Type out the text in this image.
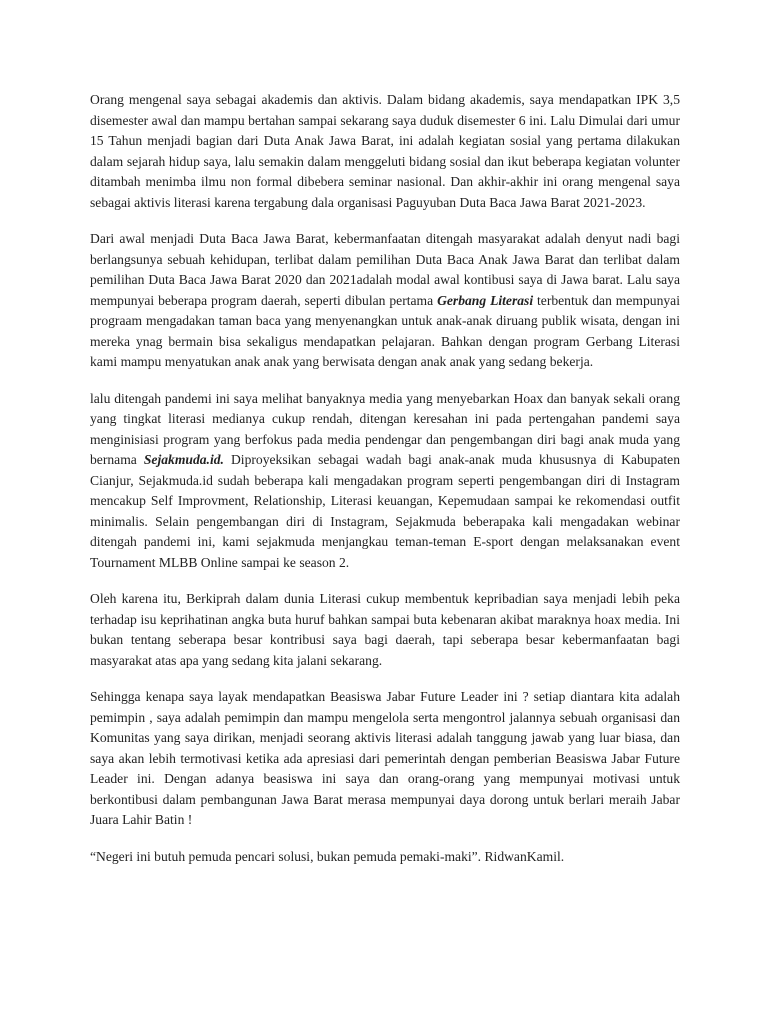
Orang mengenal saya sebagai akademis dan aktivis. Dalam bidang akademis, saya mendapatkan IPK 3,5 disemester awal dan mampu bertahan sampai sekarang saya duduk disemester 6 ini. Lalu Dimulai dari umur 15 Tahun menjadi bagian dari Duta Anak Jawa Barat, ini adalah kegiatan sosial yang pertama dilakukan dalam sejarah hidup saya, lalu semakin dalam menggeluti bidang sosial dan ikut beberapa kegiatan volunter ditambah menimba ilmu non formal dibebera seminar nasional. Dan akhir-akhir ini orang mengenal saya sebagai aktivis literasi karena tergabung dala organisasi Paguyuban Duta Baca Jawa Barat 2021-2023.

Dari awal menjadi Duta Baca Jawa Barat, kebermanfaatan ditengah masyarakat adalah denyut nadi bagi berlangsunya sebuah kehidupan, terlibat dalam pemilihan Duta Baca Anak Jawa Barat dan terlibat dalam pemilihan Duta Baca Jawa Barat 2020 dan 2021adalah modal awal kontibusi saya di Jawa barat. Lalu saya mempunyai beberapa program daerah, seperti dibulan pertama Gerbang Literasi terbentuk dan mempunyai prograam mengadakan taman baca yang menyenangkan untuk anak-anak diruang publik wisata, dengan ini mereka ynag bermain bisa sekaligus mendapatkan pelajaran. Bahkan dengan program Gerbang Literasi kami mampu menyatukan anak anak yang berwisata dengan anak anak yang sedang bekerja.

lalu ditengah pandemi ini saya melihat banyaknya media yang menyebarkan Hoax dan banyak sekali orang yang tingkat literasi medianya cukup rendah, ditengan keresahan ini pada pertengahan pandemi saya menginisiasi program yang berfokus pada media pendengar dan pengembangan diri bagi anak muda yang bernama Sejakmuda.id. Diproyeksikan sebagai wadah bagi anak-anak muda khususnya di Kabupaten Cianjur, Sejakmuda.id sudah beberapa kali mengadakan program seperti pengembangan diri di Instagram mencakup Self Improvment, Relationship, Literasi keuangan, Kepemudaan sampai ke rekomendasi outfit minimalis. Selain pengembangan diri di Instagram, Sejakmuda beberapaka kali mengadakan webinar ditengah pandemi ini, kami sejakmuda menjangkau teman-teman E-sport dengan melaksanakan event Tournament MLBB Online sampai ke season 2.

Oleh karena itu, Berkiprah dalam dunia Literasi cukup membentuk kepribadian saya menjadi lebih peka terhadap isu keprihatinan angka buta huruf bahkan sampai buta kebenaran akibat maraknya hoax media. Ini bukan tentang seberapa besar kontribusi saya bagi daerah, tapi seberapa besar kebermanfaatan bagi masyarakat atas apa yang sedang kita jalani sekarang.

Sehingga kenapa saya layak mendapatkan Beasiswa Jabar Future Leader ini ? setiap diantara kita adalah pemimpin , saya adalah pemimpin dan mampu mengelola serta mengontrol jalannya sebuah organisasi dan Komunitas yang saya dirikan, menjadi seorang aktivis literasi adalah tanggung jawab yang luar biasa, dan saya akan lebih termotivasi ketika ada apresiasi dari pemerintah dengan pemberian Beasiswa Jabar Future Leader ini. Dengan adanya beasiswa ini saya dan orang-orang yang mempunyai motivasi untuk berkontibusi dalam pembangunan Jawa Barat merasa mempunyai daya dorong untuk berlari meraih Jabar Juara Lahir Batin !

“Negeri ini butuh pemuda pencari solusi, bukan pemuda pemaki-maki”. RidwanKamil.
